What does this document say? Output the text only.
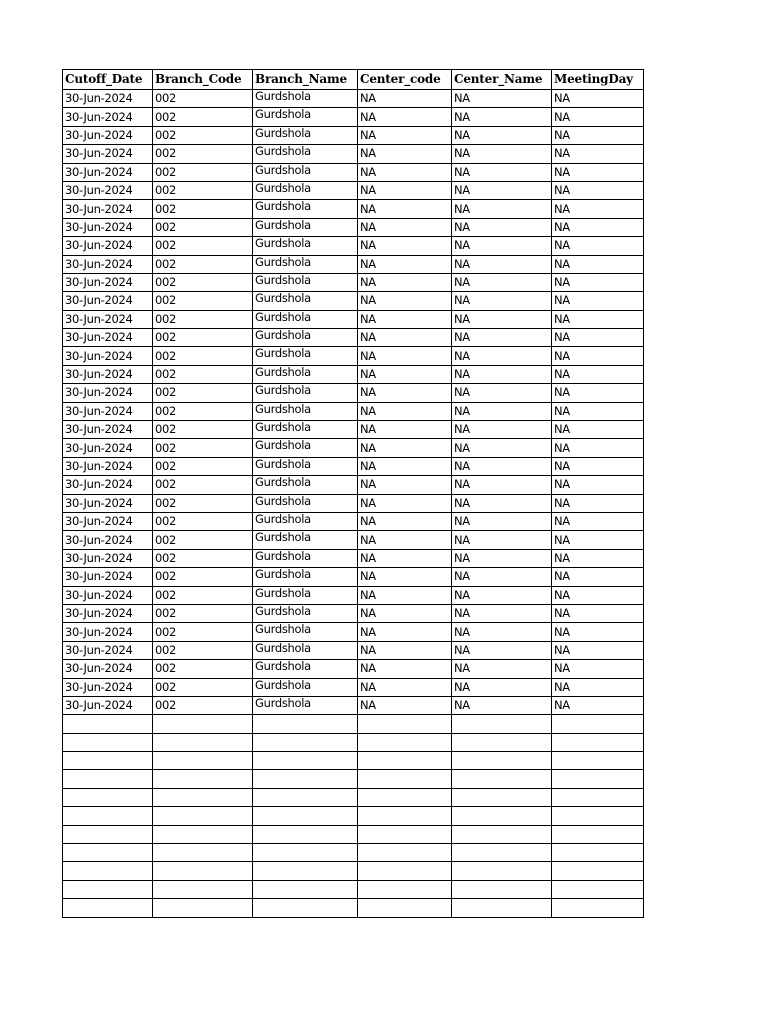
Cutoff_Date	Branch_Code	Branch_Name	Center_code	Center_Name	MeetingDay
30-Jun-2024	002	Gurdshola	NA	NA	NA
30-Jun-2024	002	Gurdshola	NA	NA	NA
30-Jun-2024	002	Gurdshola	NA	NA	NA
30-Jun-2024	002	Gurdshola	NA	NA	NA
30-Jun-2024	002	Gurdshola	NA	NA	NA
30-Jun-2024	002	Gurdshola	NA	NA	NA
30-Jun-2024	002	Gurdshola	NA	NA	NA
30-Jun-2024	002	Gurdshola	NA	NA	NA
30-Jun-2024	002	Gurdshola	NA	NA	NA
30-Jun-2024	002	Gurdshola	NA	NA	NA
30-Jun-2024	002	Gurdshola	NA	NA	NA
30-Jun-2024	002	Gurdshola	NA	NA	NA
30-Jun-2024	002	Gurdshola	NA	NA	NA
30-Jun-2024	002	Gurdshola	NA	NA	NA
30-Jun-2024	002	Gurdshola	NA	NA	NA
30-Jun-2024	002	Gurdshola	NA	NA	NA
30-Jun-2024	002	Gurdshola	NA	NA	NA
30-Jun-2024	002	Gurdshola	NA	NA	NA
30-Jun-2024	002	Gurdshola	NA	NA	NA
30-Jun-2024	002	Gurdshola	NA	NA	NA
30-Jun-2024	002	Gurdshola	NA	NA	NA
30-Jun-2024	002	Gurdshola	NA	NA	NA
30-Jun-2024	002	Gurdshola	NA	NA	NA
30-Jun-2024	002	Gurdshola	NA	NA	NA
30-Jun-2024	002	Gurdshola	NA	NA	NA
30-Jun-2024	002	Gurdshola	NA	NA	NA
30-Jun-2024	002	Gurdshola	NA	NA	NA
30-Jun-2024	002	Gurdshola	NA	NA	NA
30-Jun-2024	002	Gurdshola	NA	NA	NA
30-Jun-2024	002	Gurdshola	NA	NA	NA
30-Jun-2024	002	Gurdshola	NA	NA	NA
30-Jun-2024	002	Gurdshola	NA	NA	NA
30-Jun-2024	002	Gurdshola	NA	NA	NA
30-Jun-2024	002	Gurdshola	NA	NA	NA
